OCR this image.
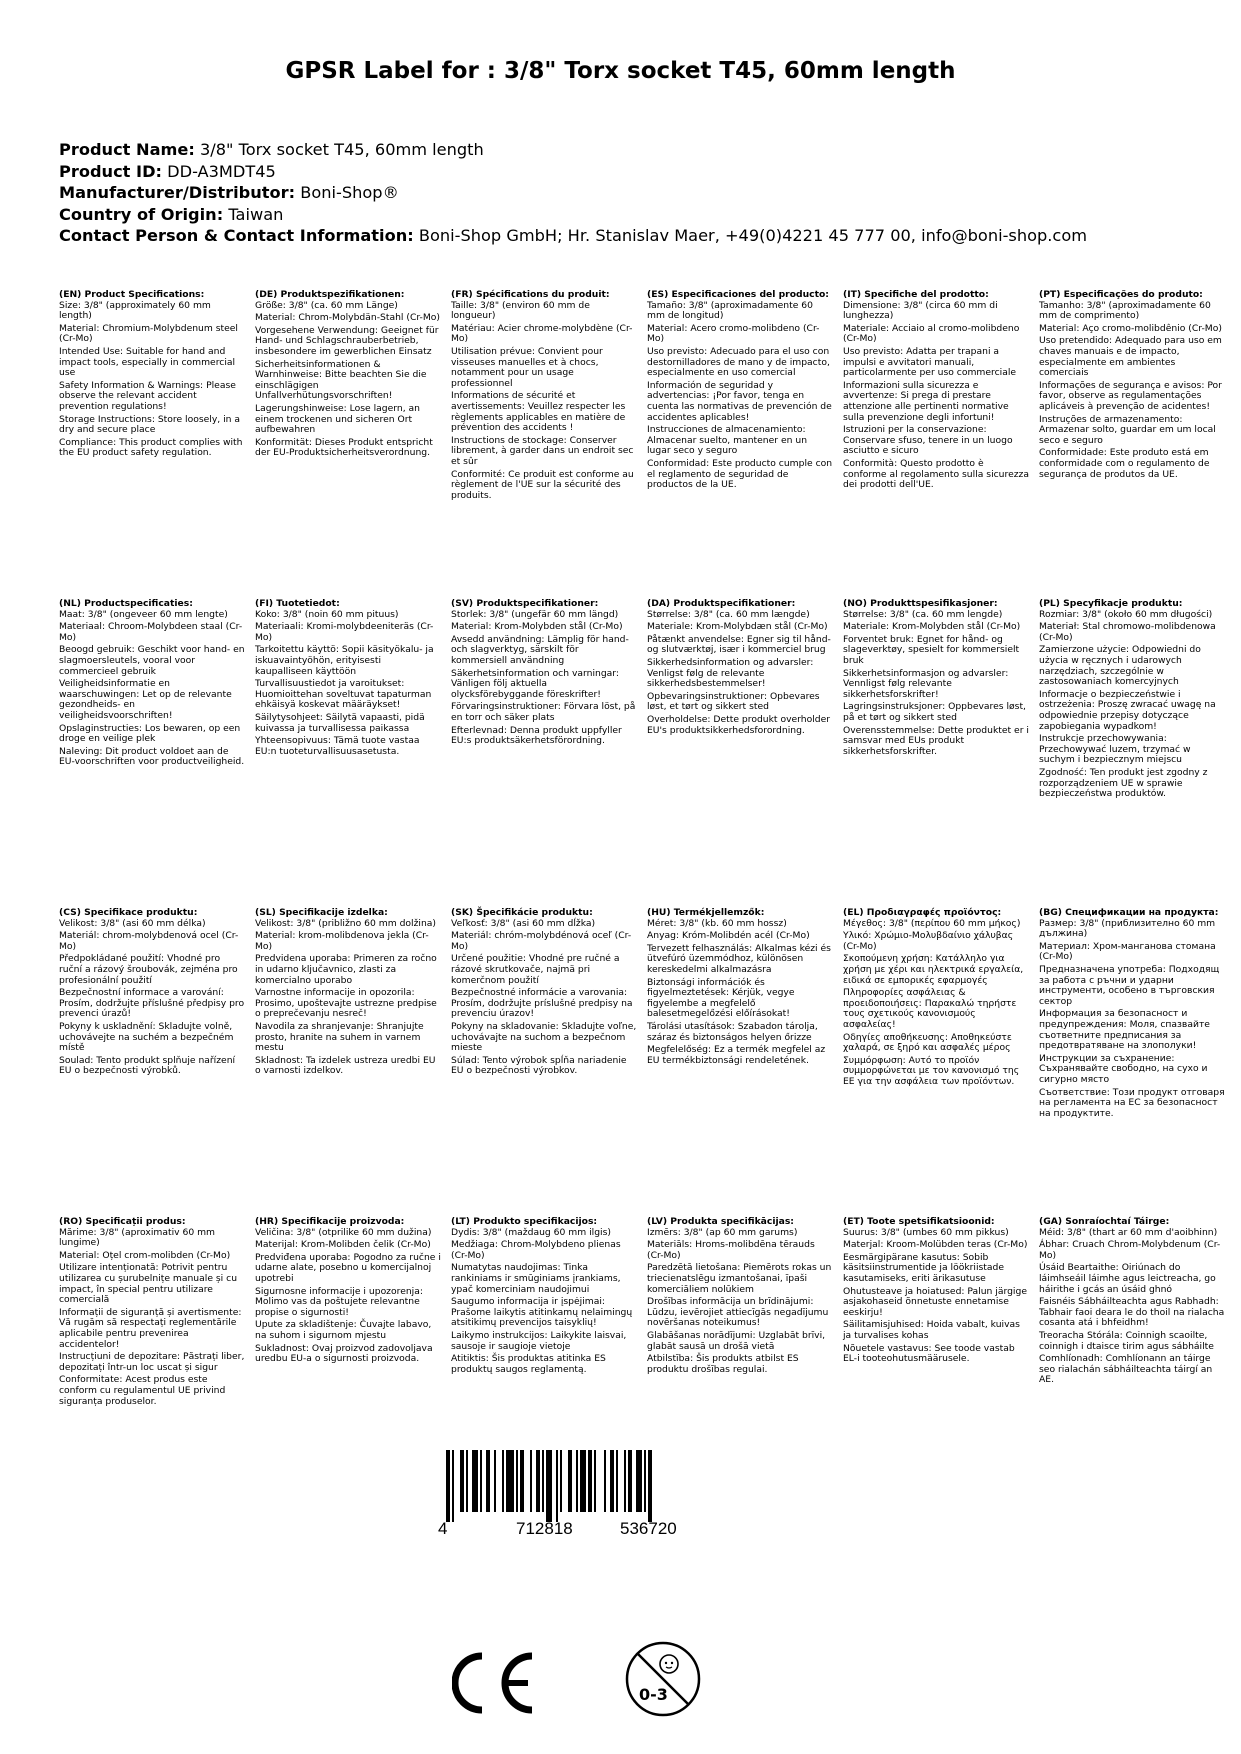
GPSR Label for : 3/8" Torx socket T45, 60mm length
Product Name: 3/8" Torx socket T45, 60mm length
Product ID: DD-A3MDT45
Manufacturer/Distributor: Boni-Shop®
Country of Origin: Taiwan
Contact Person & Contact Information: Boni-Shop GmbH; Hr. Stanislav Maer, +49(0)4221 45 777 00, info@boni-shop.com
(EN) Product Specifications:

Size: 3/8" (approximately 60 mm length)

Material: Chromium-Molybdenum steel (Cr-Mo)

Intended Use: Suitable for hand and impact tools, especially in commercial use

Safety Information & Warnings: Please observe the relevant accident prevention regulations!

Storage Instructions: Store loosely, in a dry and secure place

Compliance: This product complies with the EU product safety regulation.

(DE) Produktspezifikationen:

Größe: 3/8" (ca. 60 mm Länge)

Material: Chrom-Molybdän-Stahl (Cr-Mo)

Vorgesehene Verwendung: Geeignet für Hand- und Schlagschrauberbetrieb, insbesondere im gewerblichen Einsatz

Sicherheitsinformationen & Warnhinweise: Bitte beachten Sie die einschlägigen Unfallverhütungsvorschriften!

Lagerungshinweise: Lose lagern, an einem trockenen und sicheren Ort aufbewahren

Konformität: Dieses Produkt entspricht der EU-Produktsicherheitsverordnung.

(FR) Spécifications du produit:

Taille: 3/8" (environ 60 mm de longueur)

Matériau: Acier chrome-molybdène (Cr-Mo)

Utilisation prévue: Convient pour visseuses manuelles et à chocs, notamment pour un usage professionnel

Informations de sécurité et avertissements: Veuillez respecter les règlements applicables en matière de prévention des accidents !

Instructions de stockage: Conserver librement, à garder dans un endroit sec et sûr

Conformité: Ce produit est conforme au règlement de l'UE sur la sécurité des produits.

(ES) Especificaciones del producto:

Tamaño: 3/8" (aproximadamente 60 mm de longitud)

Material: Acero cromo-molibdeno (Cr-Mo)

Uso previsto: Adecuado para el uso con destornilladores de mano y de impacto, especialmente en uso comercial

Información de seguridad y advertencias: ¡Por favor, tenga en cuenta las normativas de prevención de accidentes aplicables!

Instrucciones de almacenamiento: Almacenar suelto, mantener en un lugar seco y seguro

Conformidad: Este producto cumple con el reglamento de seguridad de productos de la UE.

(IT) Specifiche del prodotto:

Dimensione: 3/8" (circa 60 mm di lunghezza)

Materiale: Acciaio al cromo-molibdeno (Cr-Mo)

Uso previsto: Adatta per trapani a impulsi e avvitatori manuali, particolarmente per uso commerciale

Informazioni sulla sicurezza e avvertenze: Si prega di prestare attenzione alle pertinenti normative sulla prevenzione degli infortuni!

Istruzioni per la conservazione: Conservare sfuso, tenere in un luogo asciutto e sicuro

Conformità: Questo prodotto è conforme al regolamento sulla sicurezza dei prodotti dell'UE.

(PT) Especificações do produto:

Tamanho: 3/8" (aproximadamente 60 mm de comprimento)

Material: Aço cromo-molibdênio (Cr-Mo)

Uso pretendido: Adequado para uso em chaves manuais e de impacto, especialmente em ambientes comerciais

Informações de segurança e avisos: Por favor, observe as regulamentações aplicáveis à prevenção de acidentes!

Instruções de armazenamento: Armazenar solto, guardar em um local seco e seguro

Conformidade: Este produto está em conformidade com o regulamento de segurança de produtos da UE.

(NL) Productspecificaties:

Maat: 3/8" (ongeveer 60 mm lengte)

Materiaal: Chroom-Molybdeen staal (Cr-Mo)

Beoogd gebruik: Geschikt voor hand- en slagmoersleutels, vooral voor commercieel gebruik

Veiligheidsinformatie en waarschuwingen: Let op de relevante gezondheids- en veiligheidsvoorschriften!

Opslaginstructies: Los bewaren, op een droge en veilige plek

Naleving: Dit product voldoet aan de EU-voorschriften voor productveiligheid.

(FI) Tuotetiedot:

Koko: 3/8" (noin 60 mm pituus)

Materiaali: Kromi-molybdeeniteräs (Cr-Mo)

Tarkoitettu käyttö: Sopii käsityökalu- ja iskuavaintyöhön, erityisesti kaupalliseen käyttöön

Turvallisuustiedot ja varoitukset: Huomioittehan soveltuvat tapaturman ehkäisyä koskevat määräykset!

Säilytysohjeet: Säilytä vapaasti, pidä kuivassa ja turvallisessa paikassa

Yhteensopivuus: Tämä tuote vastaa EU:n tuoteturvallisuusasetusta.

(SV) Produktspecifikationer:

Storlek: 3/8" (ungefär 60 mm längd)

Material: Krom-Molybden stål (Cr-Mo)

Avsedd användning: Lämplig för hand- och slagverktyg, särskilt för kommersiell användning

Säkerhetsinformation och varningar: Vänligen följ aktuella olycksförebyggande föreskrifter!

Förvaringsinstruktioner: Förvara löst, på en torr och säker plats

Efterlevnad: Denna produkt uppfyller EU:s produktsäkerhetsförordning.

(DA) Produktspecifikationer:

Størrelse: 3/8" (ca. 60 mm længde)

Materiale: Krom-Molybdæn stål (Cr-Mo)

Påtænkt anvendelse: Egner sig til hånd- og slutværktøj, især i kommerciel brug

Sikkerhedsinformation og advarsler: Venligst følg de relevante sikkerhedsbestemmelser!

Opbevaringsinstruktioner: Opbevares løst, et tørt og sikkert sted

Overholdelse: Dette produkt overholder EU's produktsikkerhedsforordning.

(NO) Produkttspesifikasjoner:

Størrelse: 3/8" (ca. 60 mm lengde)

Materiale: Krom-Molybden stål (Cr-Mo)

Forventet bruk: Egnet for hånd- og slageverktøy, spesielt for kommersielt bruk

Sikkerhetsinformasjon og advarsler: Vennligst følg relevante sikkerhetsforskrifter!

Lagringsinstruksjoner: Oppbevares løst, på et tørt og sikkert sted

Overensstemmelse: Dette produktet er i samsvar med EUs produkt sikkerhetsforskrifter.

(PL) Specyfikacje produktu:

Rozmiar: 3/8" (około 60 mm długości)

Materiał: Stal chromowo-molibdenowa (Cr-Mo)

Zamierzone użycie: Odpowiedni do użycia w ręcznych i udarowych narzędziach, szczególnie w zastosowaniach komercyjnych

Informacje o bezpieczeństwie i ostrzeżenia: Proszę zwracać uwagę na odpowiednie przepisy dotyczące zapobiegania wypadkom!

Instrukcje przechowywania: Przechowywać luzem, trzymać w suchym i bezpiecznym miejscu

Zgodność: Ten produkt jest zgodny z rozporządzeniem UE w sprawie bezpieczeństwa produktów.

(CS) Specifikace produktu:

Velikost: 3/8" (asi 60 mm délka)

Materiál: chrom-molybdenová ocel (Cr-Mo)

Předpokládané použití: Vhodné pro ruční a rázový šroubovák, zejména pro profesionální použití

Bezpečnostní informace a varování: Prosím, dodržujte příslušné předpisy pro prevenci úrazů!

Pokyny k uskladnění: Skladujte volně, uchovávejte na suchém a bezpečném místě

Soulad: Tento produkt splňuje nařízení EU o bezpečnosti výrobků.

(SL) Specifikacije izdelka:

Velikost: 3/8" (približno 60 mm dolžina)

Material: krom-molibdenova jekla (Cr-Mo)

Predvidena uporaba: Primeren za ročno in udarno ključavnico, zlasti za komercialno uporabo

Varnostne informacije in opozorila: Prosimo, upoštevajte ustrezne predpise o preprečevanju nesreč!

Navodila za shranjevanje: Shranjujte prosto, hranite na suhem in varnem mestu

Skladnost: Ta izdelek ustreza uredbi EU o varnosti izdelkov.

(SK) Špecifikácie produktu:

Veľkosť: 3/8" (asi 60 mm dĺžka)

Materiál: chróm-molybdénová oceľ (Cr-Mo)

Určené použitie: Vhodné pre ručné a rázové skrutkovače, najmä pri komerčnom použití

Bezpečnostné informácie a varovania: Prosím, dodržujte príslušné predpisy na prevenciu úrazov!

Pokyny na skladovanie: Skladujte voľne, uchovávajte na suchom a bezpečnom mieste

Súlad: Tento výrobok spĺňa nariadenie EU o bezpečnosti výrobkov.

(HU) Termékjellemzők:

Méret: 3/8" (kb. 60 mm hossz)

Anyag: Króm-Molibdén acél (Cr-Mo)

Tervezett felhasználás: Alkalmas kézi és ütvefúró üzemmódhoz, különösen kereskedelmi alkalmazásra

Biztonsági információk és figyelmeztetések: Kérjük, vegye figyelembe a megfelelő balesetmegelőzési előírásokat!

Tárolási utasítások: Szabadon tárolja, száraz és biztonságos helyen őrizze

Megfelelőség: Ez a termék megfelel az EU termékbiztonsági rendeletének.

(EL) Προδιαγραφές προϊόντος:

Μέγεθος: 3/8" (περίπου 60 mm μήκος)

Υλικό: Χρώμιο-Μολυβδαίνιο χάλυβας (Cr-Mo)

Σκοπούμενη χρήση: Κατάλληλο για χρήση με χέρι και ηλεκτρικά εργαλεία, ειδικά σε εμπορικές εφαρμογές

Πληροφορίες ασφάλειας & προειδοποιήσεις: Παρακαλώ τηρήστε τους σχετικούς κανονισμούς ασφαλείας!

Οδηγίες αποθήκευσης: Αποθηκεύστε χαλαρά, σε ξηρό και ασφαλές μέρος

Συμμόρφωση: Αυτό το προϊόν συμμορφώνεται με τον κανονισμό της ΕΕ για την ασφάλεια των προϊόντων.

(BG) Спецификации на продукта:

Размер: 3/8" (приблизително 60 mm дължина)

Материал: Хром-манганова стомана (Cr-Mo)

Предназначена употреба: Подходящ за работа с ръчни и ударни инструменти, особено в търговския сектор

Информация за безопасност и предупреждения: Моля, спазвайте съответните предписания за предотвратяване на злополуки!

Инструкции за съхранение: Съхранявайте свободно, на сухо и сигурно място

Съответствие: Този продукт отговаря на регламента на ЕС за безопасност на продуктите.

(RO) Specificații produs:

Mărime: 3/8" (aproximativ 60 mm lungime)

Material: Oțel crom-molibden (Cr-Mo)

Utilizare intenționată: Potrivit pentru utilizarea cu șurubelnițe manuale și cu impact, în special pentru utilizare comercială

Informații de siguranță și avertismente: Vă rugăm să respectați reglementările aplicabile pentru prevenirea accidentelor!

Instrucțiuni de depozitare: Păstrați liber, depozitați într-un loc uscat și sigur

Conformitate: Acest produs este conform cu regulamentul UE privind siguranța produselor.

(HR) Specifikacije proizvoda:

Veličina: 3/8" (otprilike 60 mm dužina)

Materijal: Krom-Molibden čelik (Cr-Mo)

Predviđena uporaba: Pogodno za ručne i udarne alate, posebno u komercijalnoj upotrebi

Sigurnosne informacije i upozorenja: Molimo vas da poštujete relevantne propise o sigurnosti!

Upute za skladištenje: Čuvajte labavo, na suhom i sigurnom mjestu

Sukladnost: Ovaj proizvod zadovoljava uredbu EU-a o sigurnosti proizvoda.

(LT) Produkto specifikacijos:

Dydis: 3/8" (maždaug 60 mm ilgis)

Medžiaga: Chrom-Molybdeno plienas (Cr-Mo)

Numatytas naudojimas: Tinka rankiniams ir smūginiams įrankiams, ypač komerciniam naudojimui

Saugumo informacija ir įspėjimai: Prašome laikytis atitinkamų nelaimingų atsitikimų prevencijos taisyklių!

Laikymo instrukcijos: Laikykite laisvai, sausoje ir saugioje vietoje

Atitiktis: Šis produktas atitinka ES produktų saugos reglamentą.

(LV) Produkta specifikācijas:

Izmērs: 3/8" (ap 60 mm garums)

Materiāls: Hroms-molibdēna tērauds (Cr-Mo)

Paredzētā lietošana: Piemērots rokas un triecienatslēgu izmantošanai, īpaši komerciāliem nolūkiem

Drošības informācija un brīdinājumi: Lūdzu, ievērojiet attiecīgās negadījumu novēršanas noteikumus!

Glabāšanas norādījumi: Uzglabāt brīvi, glabāt sausā un drošā vietā

Atbilstība: Šis produkts atbilst ES produktu drošības regulai.

(ET) Toote spetsifikatsioonid:

Suurus: 3/8" (umbes 60 mm pikkus)

Materjal: Kroom-Molübden teras (Cr-Mo)

Eesmärgipärane kasutus: Sobib käsitsiinstrumentide ja löökriistade kasutamiseks, eriti ärikasutuse

Ohutusteave ja hoiatused: Palun järgige asjakohaseid õnnetuste ennetamise eeskirju!

Säilitamisjuhised: Hoida vabalt, kuivas ja turvalises kohas

Nõuetele vastavus: See toode vastab EL-i tooteohutusmäärusele.

(GA) Sonraíochtaí Táirge:

Méid: 3/8" (thart ar 60 mm d'aoibhinn)

Ábhar: Cruach Chrom-Molybdenum (Cr-Mo)

Úsáid Beartaithe: Oiriúnach do láimhseáil láimhe agus leictreacha, go háirithe i gcás an úsáid ghnó

Faisnéis Sábháilteachta agus Rabhadh: Tabhair faoi deara le do thoil na rialacha cosanta atá i bhfeidhm!

Treoracha Stórála: Coinnigh scaoilte, coinnigh i dtaisce tirim agus sábháilte

Comhlíonadh: Comhlíonann an táirge seo rialachán sábháilteachta táirgí an AE.

4	712818	536720
0-3
